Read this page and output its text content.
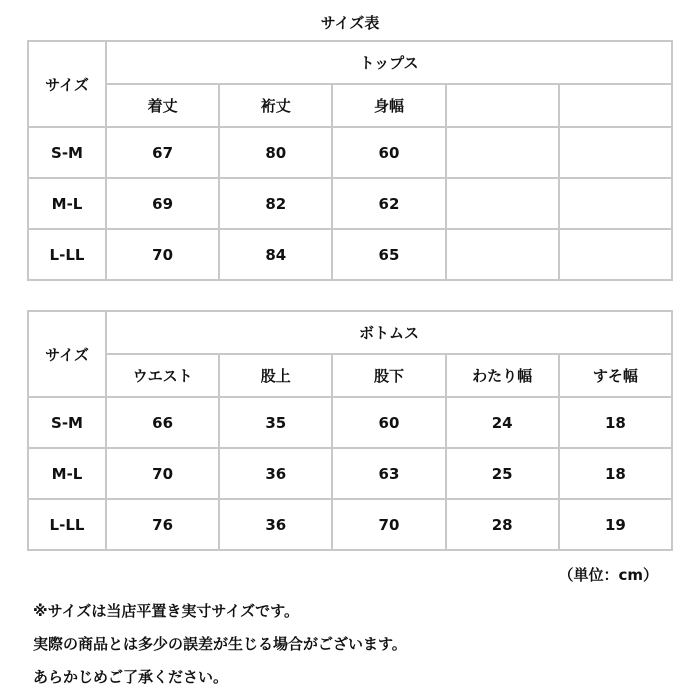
サイズ表
サイズ	トップス				
	着丈	裄丈	身幅		
S-M	67	80	60		
M-L	69	82	62		
L-LL	70	84	65		
サイズ	ボトムス				
	ウエスト	股上	股下	わたり幅	すそ幅
S-M	66	35	60	24	18
M-L	70	36	63	25	18
L-LL	76	36	70	28	19
（単位：cm）
※サイズは当店平置き実寸サイズです。
実際の商品とは多少の誤差が生じる場合がございます。
あらかじめご了承ください。
